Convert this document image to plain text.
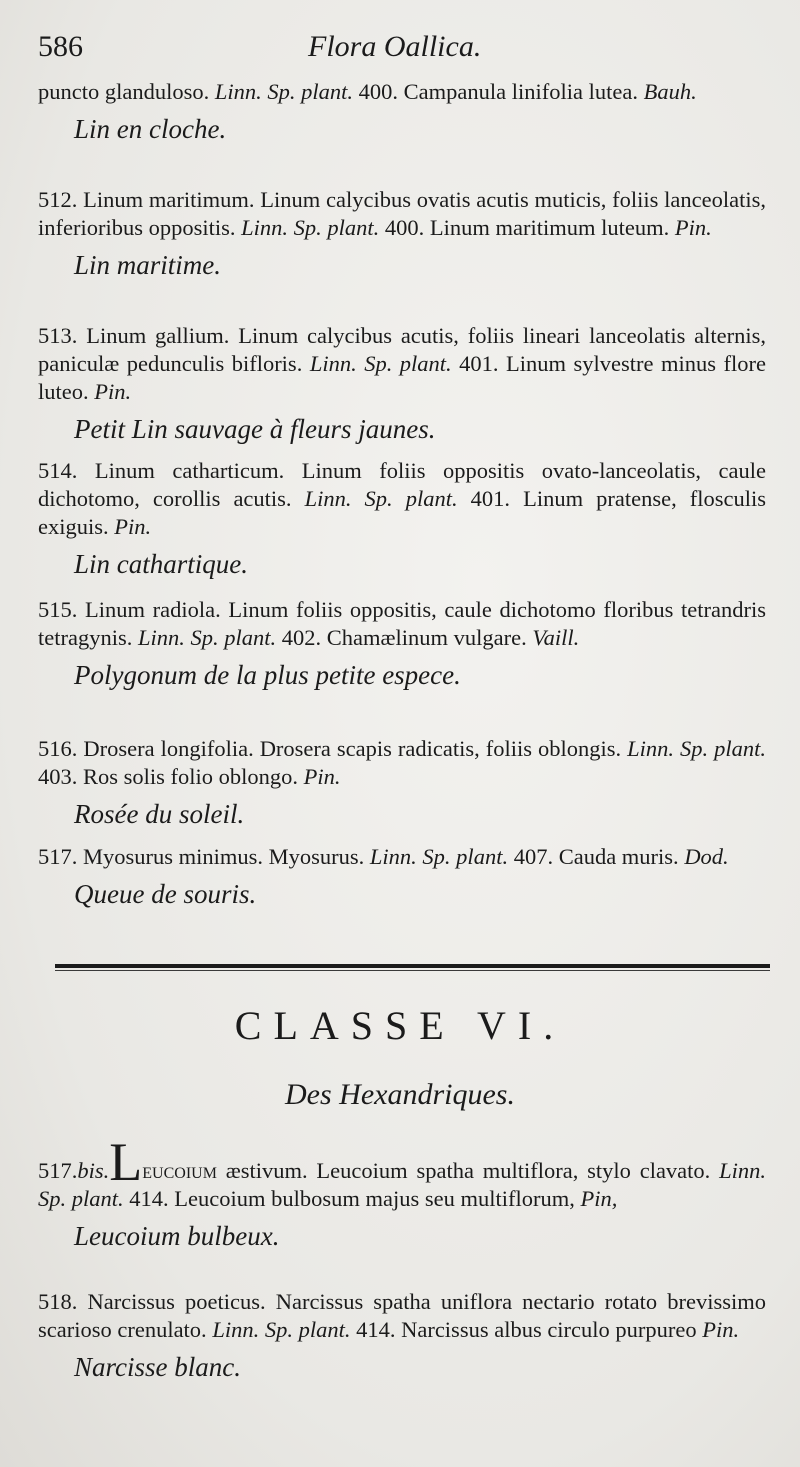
586	Flora Oallica.

puncto glanduloso. Linn. Sp. plant. 400. Campanula linifolia lutea. Bauh.

Lin en cloche.

512. Linum maritimum. Linum calycibus ovatis acutis muticis, foliis lanceolatis, inferioribus oppositis. Linn. Sp. plant. 400. Linum maritimum luteum. Pin.

Lin maritime.

513. Linum gallium. Linum calycibus acutis, foliis lineari lanceolatis alternis, paniculæ pedunculis bifloris. Linn. Sp. plant. 401. Linum sylvestre minus flore luteo. Pin.

Petit Lin sauvage à fleurs jaunes.

514. Linum catharticum. Linum foliis oppositis ovato-lanceolatis, caule dichotomo, corollis acutis. Linn. Sp. plant. 401. Linum pratense, flosculis exiguis. Pin.

Lin cathartique.

515. Linum radiola. Linum foliis oppositis, caule dichotomo floribus tetrandris tetragynis. Linn. Sp. plant. 402. Chamælinum vulgare. Vaill.

Polygonum de la plus petite espece.

516. Drosera longifolia. Drosera scapis radicatis, foliis oblongis. Linn. Sp. plant. 403. Ros solis folio oblongo. Pin.

Rosée du soleil.

517. Myosurus minimus. Myosurus. Linn. Sp. plant. 407. Cauda muris. Dod.

Queue de souris.
CLASSE VI.
Des Hexandriques.

517.bis.Leucoium æstivum. Leucoium spatha multiflora, stylo clavato. Linn. Sp. plant. 414. Leucoium bulbosum majus seu multiflorum, Pin,

Leucoium bulbeux.

518. Narcissus poeticus. Narcissus spatha uniflora nectario rotato brevissimo scarioso crenulato. Linn. Sp. plant. 414. Narcissus albus circulo purpureo Pin.

Narcisse blanc.
